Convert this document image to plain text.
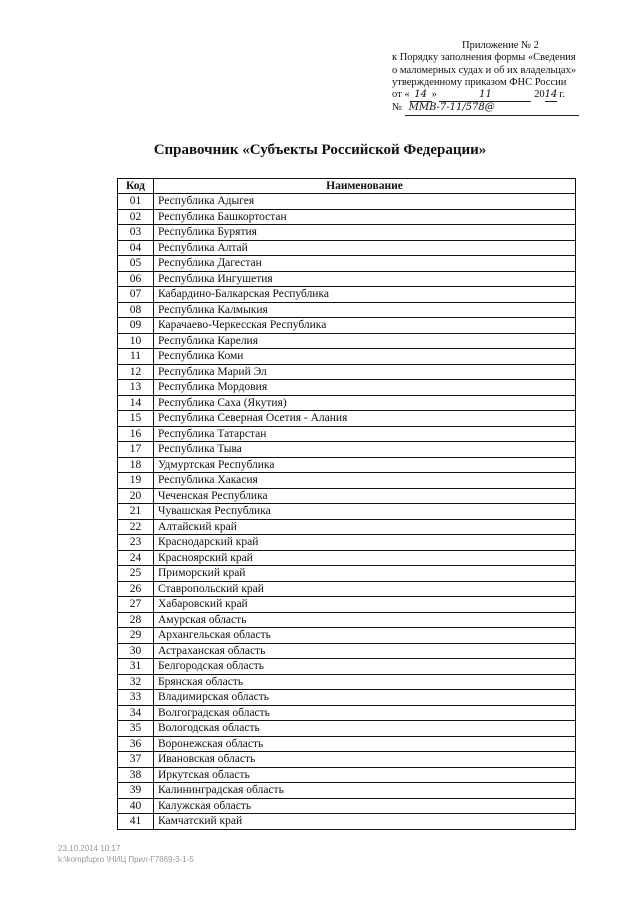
Приложение № 2
к Порядку заполнения формы «Сведения
о маломерных судах и об их владельцах»
утвержденному приказом ФНС России
от « 14 »	11	2014 г.
№ ММВ-7-11/578@
Справочник «Субъекты Российской Федерации»
Код	Наименование
01	Республика Адыгея
02	Республика Башкортостан
03	Республика Бурятия
04	Республика Алтай
05	Республика Дагестан
06	Республика Ингушетия
07	Кабардино-Балкарская Республика
08	Республика Калмыкия
09	Карачаево-Черкесская Республика
10	Республика Карелия
11	Республика Коми
12	Республика Марий Эл
13	Республика Мордовия
14	Республика Саха (Якутия)
15	Республика Северная Осетия - Алания
16	Республика Татарстан
17	Республика Тыва
18	Удмуртская Республика
19	Республика Хакасия
20	Чеченская Республика
21	Чувашская Республика
22	Алтайский край
23	Краснодарский край
24	Красноярский край
25	Приморский край
26	Ставропольский край
27	Хабаровский край
28	Амурская область
29	Архангельская область
30	Астраханская область
31	Белгородская область
32	Брянская область
33	Владимирская область
34	Волгоградская область
35	Вологодская область
36	Воронежская область
37	Ивановская область
38	Иркутская область
39	Калининградская область
40	Калужская область
41	Камчатский край
23.10.2014 10:17
k:\kompfupro \НИЦ Прил-Г7869-3-1-5
